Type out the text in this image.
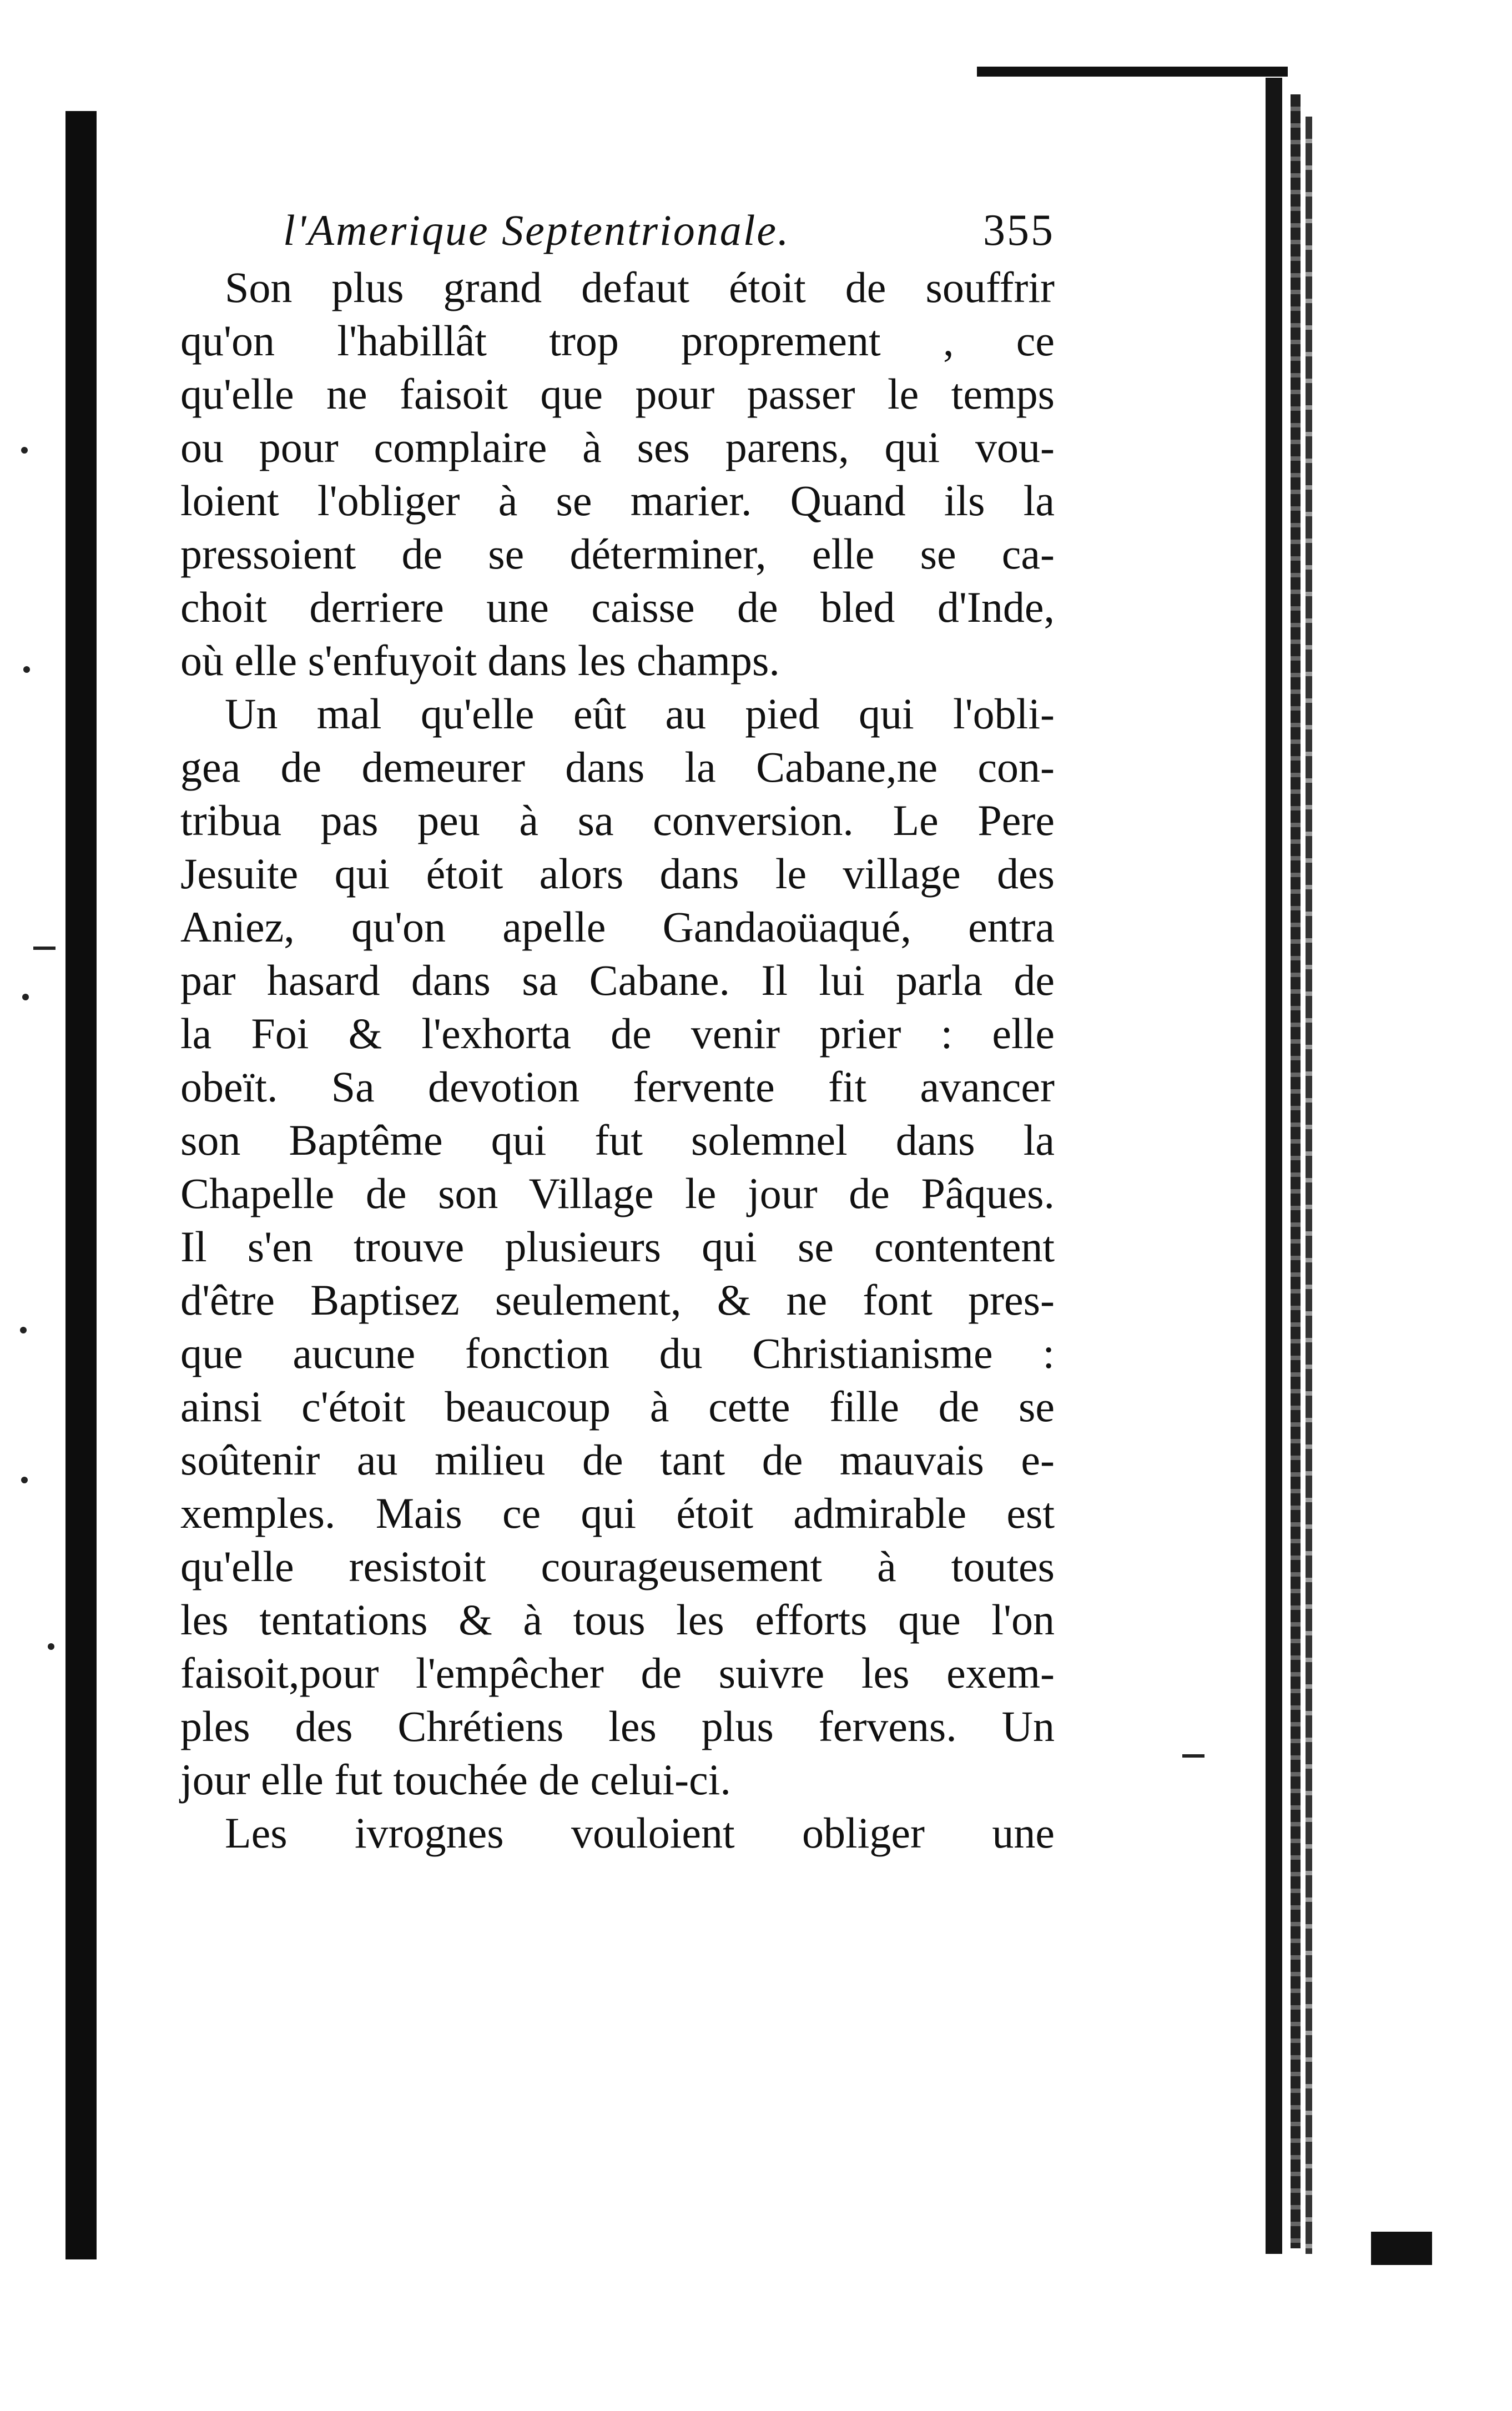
l'Amerique Septentrionale.	355
Son plus grand defaut étoit de souffrir
qu'on l'habillât trop proprement , ce
qu'elle ne faisoit que pour passer le temps
ou pour complaire à ses parens, qui vou-
loient l'obliger à se marier. Quand ils la
pressoient de se déterminer, elle se ca-
choit derriere une caisse de bled d'Inde,
où elle s'enfuyoit dans les champs.
Un mal qu'elle eût au pied qui l'obli-
gea de demeurer dans la Cabane,ne con-
tribua pas peu à sa conversion. Le Pere
Jesuite qui étoit alors dans le village des
Aniez, qu'on apelle Gandaoüaqué, entra
par hasard dans sa Cabane. Il lui parla de
la Foi & l'exhorta de venir prier : elle
obeït. Sa devotion fervente fit avancer
son Baptême qui fut solemnel dans la
Chapelle de son Village le jour de Pâques.
Il s'en trouve plusieurs qui se contentent
d'être Baptisez seulement, & ne font pres-
que aucune fonction du Christianisme :
ainsi c'étoit beaucoup à cette fille de se
soûtenir au milieu de tant de mauvais e-
xemples. Mais ce qui étoit admirable est
qu'elle resistoit courageusement à toutes
les tentations & à tous les efforts que l'on
faisoit,pour l'empêcher de suivre les exem-
ples des Chrétiens les plus fervens. Un
jour elle fut touchée de celui-ci.
Les ivrognes vouloient obliger une
